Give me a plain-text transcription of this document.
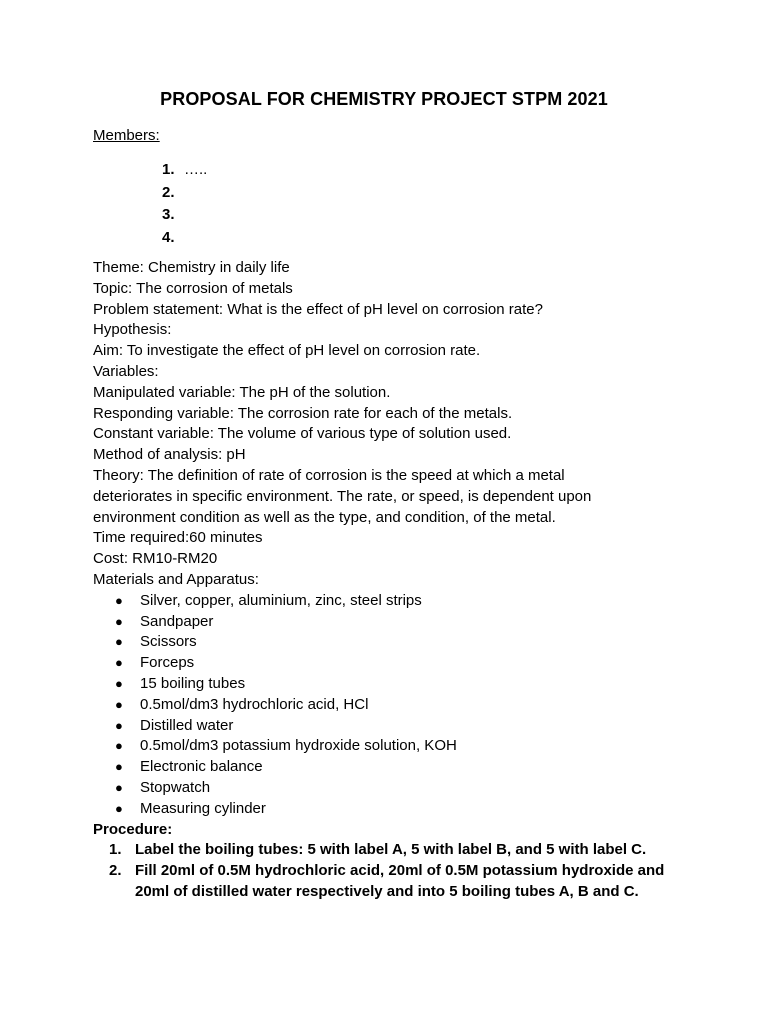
PROPOSAL FOR CHEMISTRY PROJECT STPM 2021
Members:
1. …..
2.
3.
4.
Theme: Chemistry in daily life
Topic: The corrosion of metals
Problem statement: What is the effect of pH level on corrosion rate?
Hypothesis:
Aim: To investigate the effect of pH level on corrosion rate.
Variables:
Manipulated variable: The pH of the solution.
Responding variable: The corrosion rate for each of the metals.
Constant variable: The volume of various type of solution used.
Method of analysis: pH
Theory: The definition of rate of corrosion is the speed at which a metal
deteriorates in specific environment. The rate, or speed, is dependent upon
environment condition as well as the type, and condition, of the metal.
Time required:60 minutes
Cost: RM10-RM20
Materials and Apparatus:
● Silver, copper, aluminium, zinc, steel strips
● Sandpaper
● Scissors
● Forceps
● 15 boiling tubes
● 0.5mol/dm3 hydrochloric acid, HCl
● Distilled water
● 0.5mol/dm3 potassium hydroxide solution, KOH
● Electronic balance
● Stopwatch
● Measuring cylinder
Procedure:
1. Label the boiling tubes: 5 with label A, 5 with label B, and 5 with label C.
2. Fill 20ml of 0.5M hydrochloric acid, 20ml of 0.5M potassium hydroxide and 20ml of distilled water respectively and into 5 boiling tubes A, B and C.
